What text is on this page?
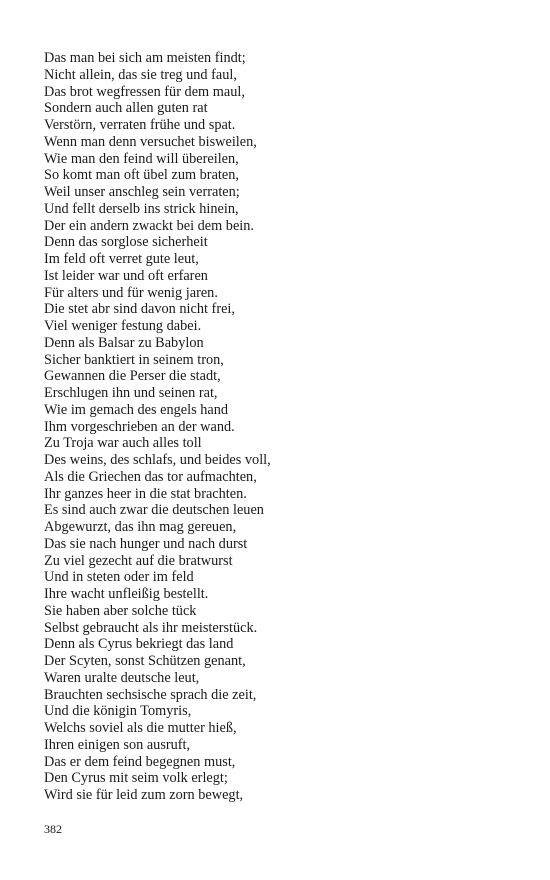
Das man bei sich am meisten findt;
Nicht allein, das sie treg und faul,
Das brot wegfressen für dem maul,
Sondern auch allen guten rat
Verstörn, verraten frühe und spat.
Wenn man denn versuchet bisweilen,
Wie man den feind will übereilen,
So komt man oft übel zum braten,
Weil unser anschleg sein verraten;
Und fellt derselb ins strick hinein,
Der ein andern zwackt bei dem bein.
Denn das sorglose sicherheit
Im feld oft verret gute leut,
Ist leider war und oft erfaren
Für alters und für wenig jaren.
Die stet abr sind davon nicht frei,
Viel weniger festung dabei.
Denn als Balsar zu Babylon
Sicher banktiert in seinem tron,
Gewannen die Perser die stadt,
Erschlugen ihn und seinen rat,
Wie im gemach des engels hand
Ihm vorgeschrieben an der wand.
Zu Troja war auch alles toll
Des weins, des schlafs, und beides voll,
Als die Griechen das tor aufmachten,
Ihr ganzes heer in die stat brachten.
Es sind auch zwar die deutschen leuen
Abgewurzt, das ihn mag gereuen,
Das sie nach hunger und nach durst
Zu viel gezecht auf die bratwurst
Und in steten oder im feld
Ihre wacht unfleißig bestellt.
Sie haben aber solche tück
Selbst gebraucht als ihr meisterstück.
Denn als Cyrus bekriegt das land
Der Scyten, sonst Schützen genant,
Waren uralte deutsche leut,
Brauchten sechsische sprach die zeit,
Und die königin Tomyris,
Welchs soviel als die mutter hieß,
Ihren einigen son ausruft,
Das er dem feind begegnen must,
Den Cyrus mit seim volk erlegt;
Wird sie für leid zum zorn bewegt,
382
